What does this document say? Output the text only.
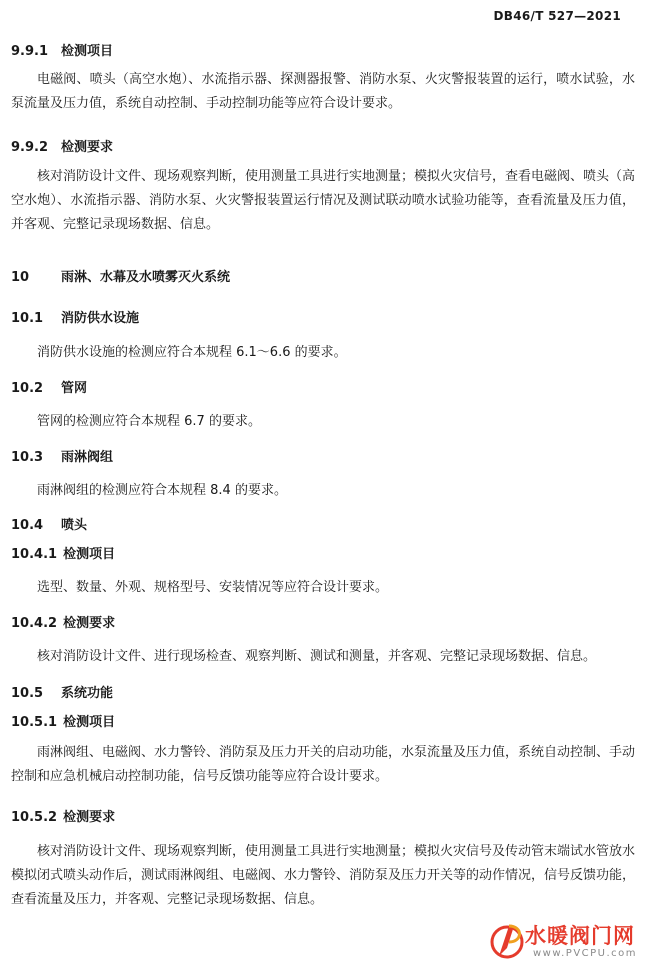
DB46/T 527—2021
9.9.1 检测项目
电磁阀、喷头（高空水炮）、水流指示器、探测器报警、消防水泵、火灾警报装置的运行，喷水试验，水泵流量及压力值，系统自动控制、手动控制功能等应符合设计要求。
9.9.2 检测要求
核对消防设计文件、现场观察判断，使用测量工具进行实地测量；模拟火灾信号，查看电磁阀、喷头（高空水炮）、水流指示器、消防水泵、火灾警报装置运行情况及测试联动喷水试验功能等，查看流量及压力值，并客观、完整记录现场数据、信息。
10 雨淋、水幕及水喷雾灭火系统
10.1 消防供水设施
消防供水设施的检测应符合本规程 6.1～6.6 的要求。
10.2 管网
管网的检测应符合本规程 6.7 的要求。
10.3 雨淋阀组
雨淋阀组的检测应符合本规程 8.4 的要求。
10.4 喷头
10.4.1 检测项目
选型、数量、外观、规格型号、安装情况等应符合设计要求。
10.4.2 检测要求
核对消防设计文件、进行现场检查、观察判断、测试和测量，并客观、完整记录现场数据、信息。
10.5 系统功能
10.5.1 检测项目
雨淋阀组、电磁阀、水力警铃、消防泵及压力开关的启动功能，水泵流量及压力值，系统自动控制、手动控制和应急机械启动控制功能，信号反馈功能等应符合设计要求。
10.5.2 检测要求
核对消防设计文件、现场观察判断，使用测量工具进行实地测量；模拟火灾信号及传动管末端试水管放水模拟闭式喷头动作后，测试雨淋阀组、电磁阀、水力警铃、消防泵及压力开关等的动作情况，信号反馈功能，查看流量及压力，并客观、完整记录现场数据、信息。
水暖阀门网
www.PVCPU.com
